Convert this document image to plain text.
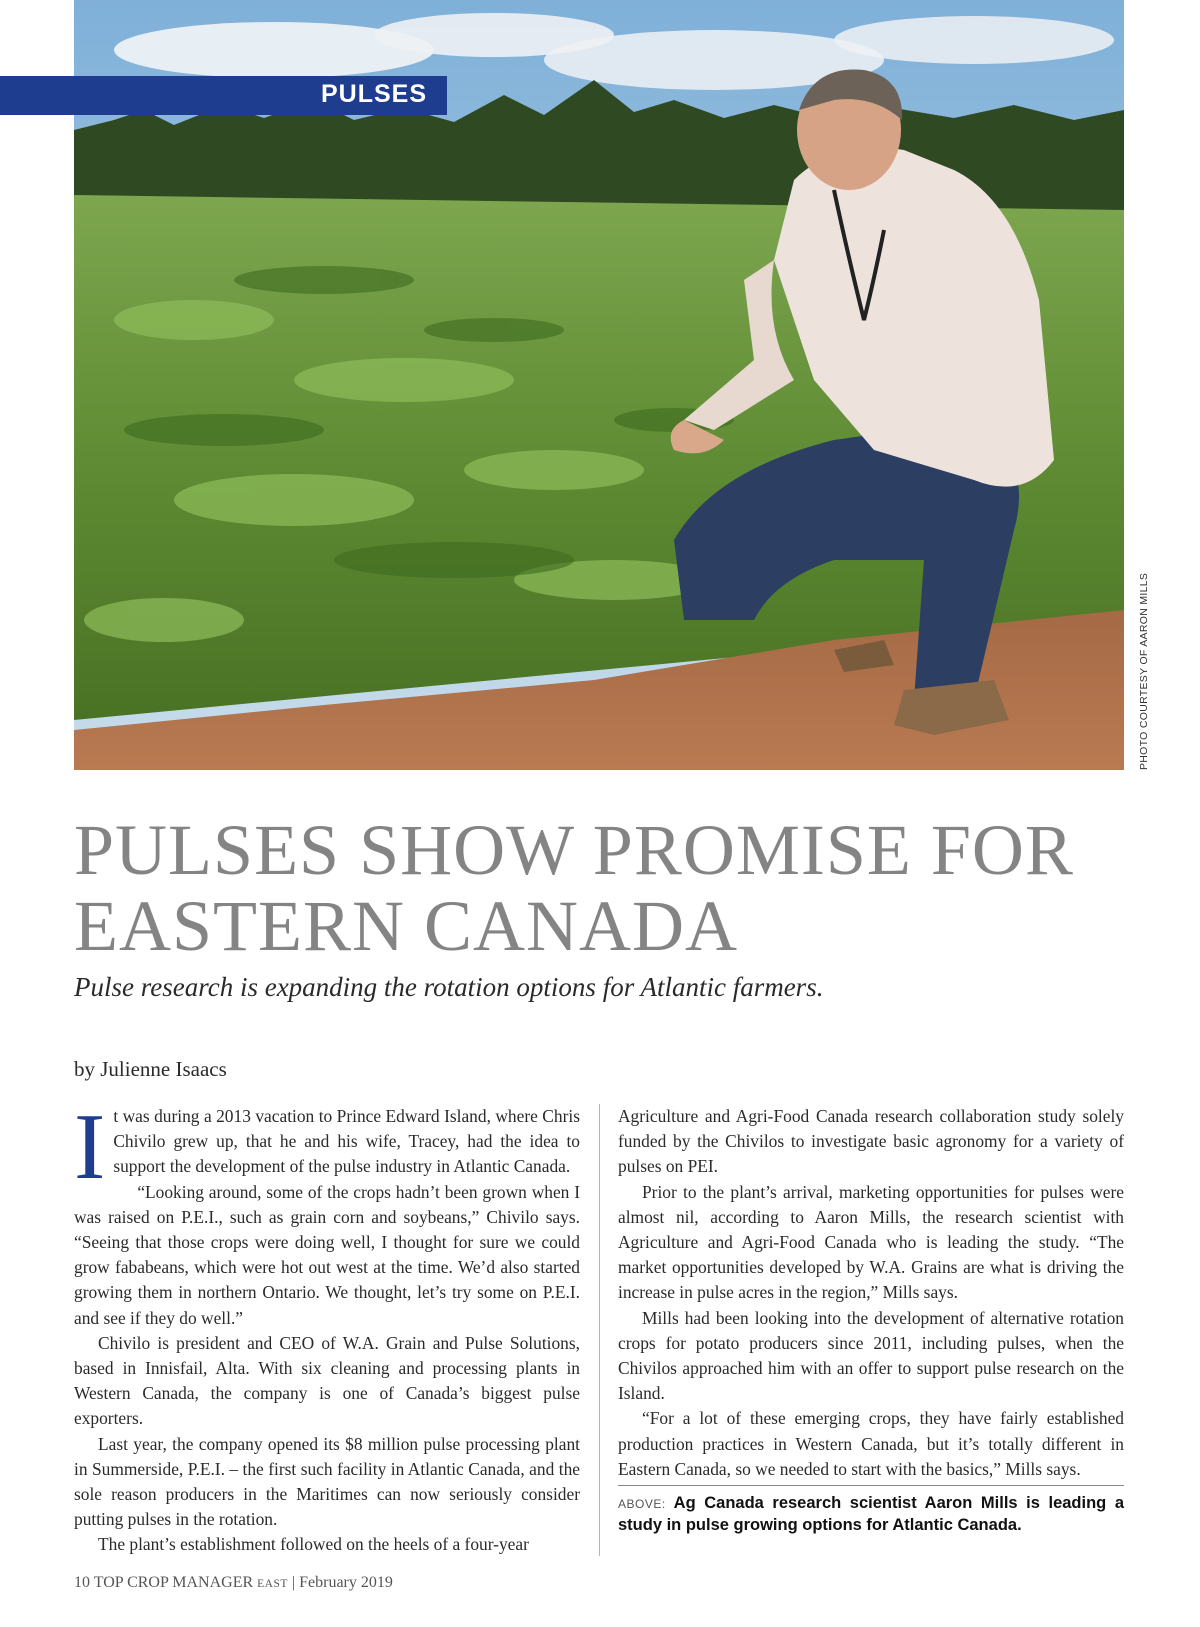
PULSES
PHOTO COURTESY OF AARON MILLS
PULSES SHOW PROMISE FOR
EASTERN CANADA
Pulse research is expanding the rotation options for Atlantic farmers.
by Julienne Isaacs

It was during a 2013 vacation to Prince Edward Island, where Chris Chivilo grew up, that he and his wife, Tracey, had the idea to support the development of the pulse industry in Atlantic Canada.

“Looking around, some of the crops hadn’t been grown when I was raised on P.E.I., such as grain corn and soybeans,” Chivilo says. “Seeing that those crops were doing well, I thought for sure we could grow fababeans, which were hot out west at the time. We’d also started growing them in northern Ontario. We thought, let’s try some on P.E.I. and see if they do well.”

Chivilo is president and CEO of W.A. Grain and Pulse Solutions, based in Innisfail, Alta. With six cleaning and processing plants in Western Canada, the company is one of Canada’s biggest pulse exporters.

Last year, the company opened its $8 million pulse processing plant in Summerside, P.E.I. – the first such facility in Atlantic Canada, and the sole reason producers in the Maritimes can now seriously consider putting pulses in the rotation.

The plant’s establishment followed on the heels of a four-year

Agriculture and Agri-Food Canada research collaboration study solely funded by the Chivilos to investigate basic agronomy for a variety of pulses on PEI.

Prior to the plant’s arrival, marketing opportunities for pulses were almost nil, according to Aaron Mills, the research scientist with Agriculture and Agri-Food Canada who is leading the study. “The market opportunities developed by W.A. Grains are what is driving the increase in pulse acres in the region,” Mills says.

Mills had been looking into the development of alternative rotation crops for potato producers since 2011, including pulses, when the Chivilos approached him with an offer to support pulse research on the Island.

“For a lot of these emerging crops, they have fairly established production practices in Western Canada, but it’s totally different in Eastern Canada, so we needed to start with the basics,” Mills says.

ABOVE: Ag Canada research scientist Aaron Mills is leading a study in pulse growing options for Atlantic Canada.
10 TOP CROP MANAGER EAST | February 2019
